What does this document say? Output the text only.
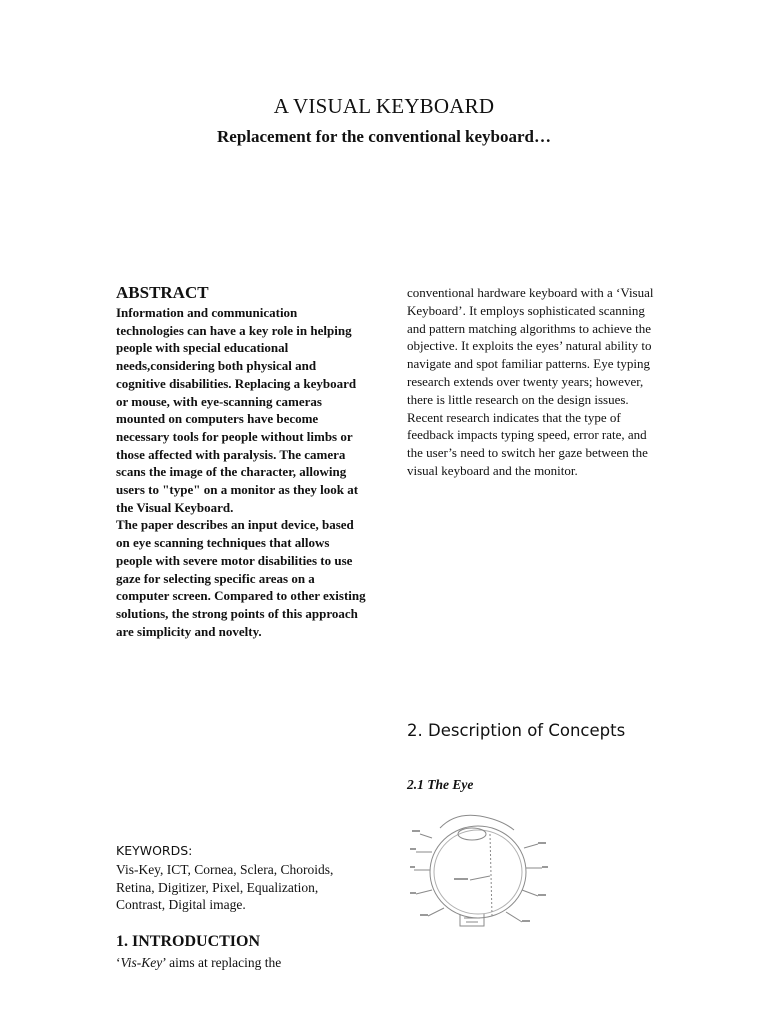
A VISUAL KEYBOARD
Replacement for the conventional keyboard…
ABSTRACT

Information and communication technologies can have a key role in helping people with special educational needs,considering both physical and cognitive disabilities. Replacing a keyboard or mouse, with eye-scanning cameras mounted on computers have become necessary tools for people without limbs or those affected with paralysis. The camera scans the image of the character, allowing users to "type" on a monitor as they look at the Visual Keyboard.

The paper describes an input device, based on eye scanning techniques that allows people with severe motor disabilities to use gaze for selecting specific areas on a computer screen. Compared to other existing solutions, the strong points of this approach are simplicity and novelty.

KEYWORDS:
Vis-Key, ICT, Cornea, Sclera, Choroids, Retina, Digitizer, Pixel, Equalization, Contrast, Digital image.
1. INTRODUCTION
‘Vis-Key’ aims at replacing the
conventional hardware keyboard with a ‘Visual Keyboard’. It employs sophisticated scanning and pattern matching algorithms to achieve the objective. It exploits the eyes’ natural ability to navigate and spot familiar patterns. Eye typing research extends over twenty years; however, there is little research on the design issues. Recent research indicates that the type of feedback impacts typing speed, error rate, and the user’s need to switch her gaze between the visual keyboard and the monitor.
2. Description of Concepts
2.1 The Eye
